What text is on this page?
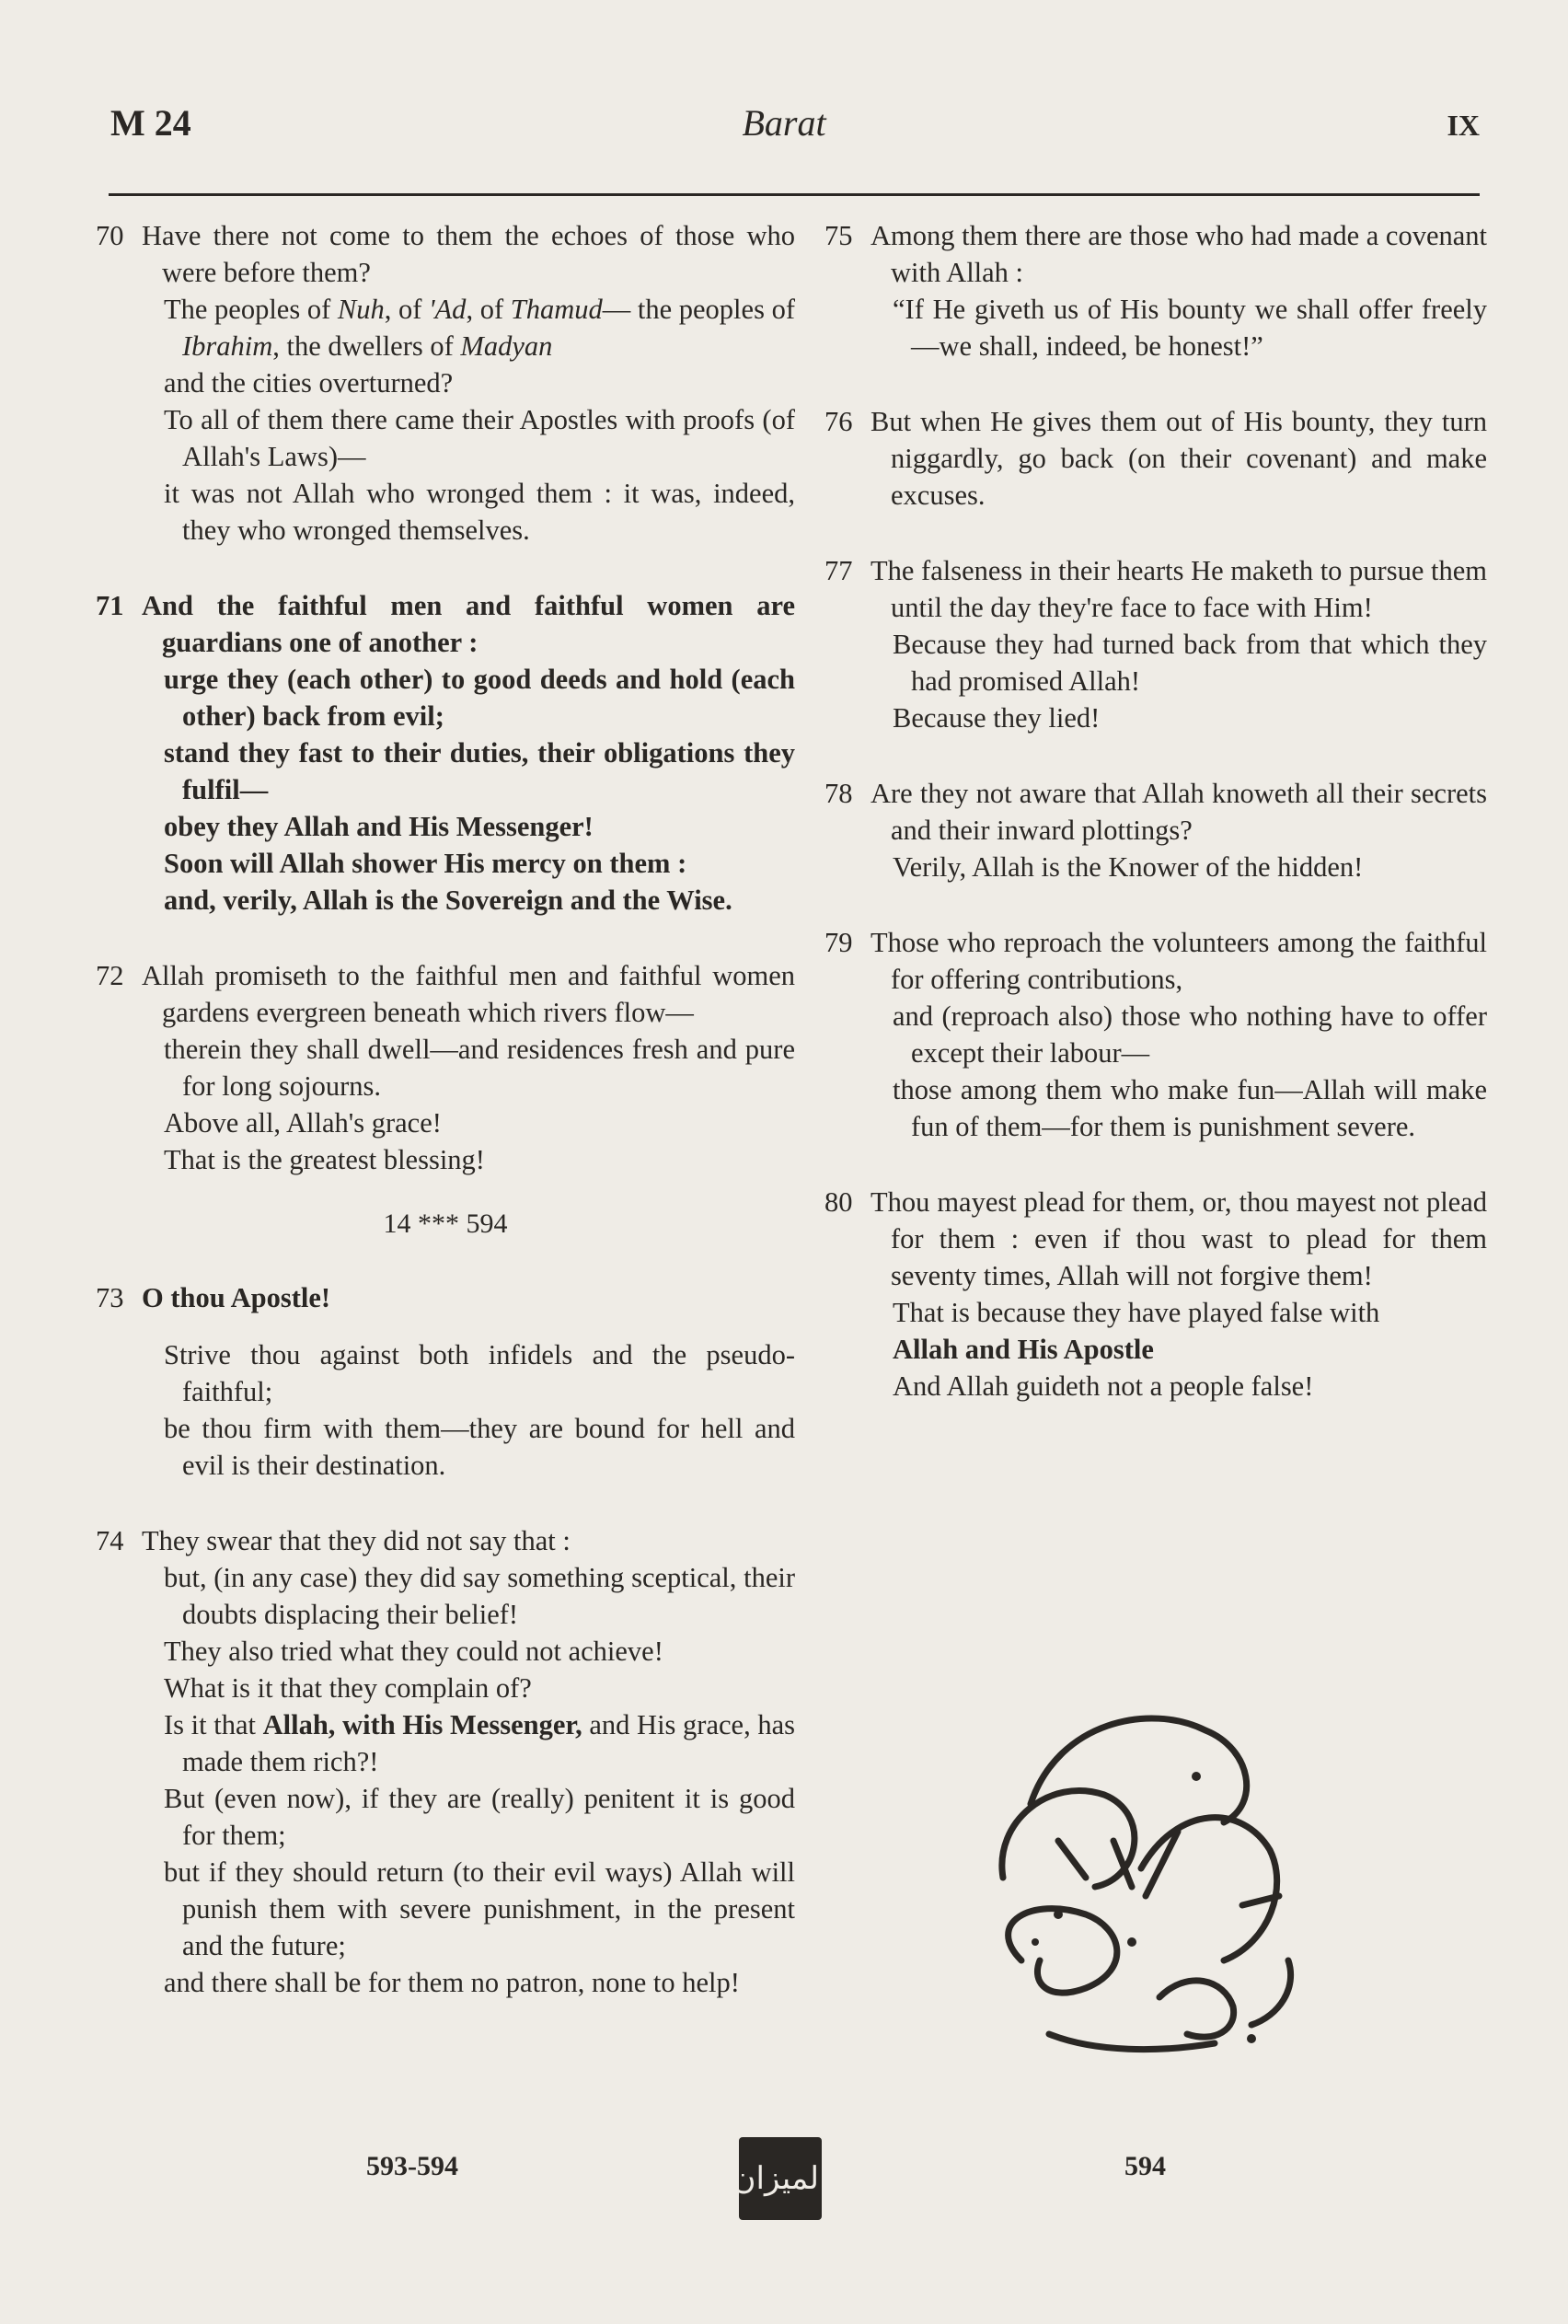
M 24	Barat	IX
70 Have there not come to them the echoes of those who were before them?
The peoples of Nuh, of 'Ad, of Thamud— the peoples of Ibrahim, the dwellers of Madyan
and the cities overturned?
To all of them there came their Apostles with proofs (of Allah's Laws)—
it was not Allah who wronged them : it was, indeed, they who wronged themselves.
71 And the faithful men and faithful women are guardians one of another :
urge they (each other) to good deeds and hold (each other) back from evil;
stand they fast to their duties, their obligations they fulfil—
obey they Allah and His Messenger!
Soon will Allah shower His mercy on them :
and, verily, Allah is the Sovereign and the Wise.
72 Allah promiseth to the faithful men and faithful women gardens evergreen beneath which rivers flow—
therein they shall dwell—and residences fresh and pure for long sojourns.
Above all, Allah's grace!
That is the greatest blessing!
14 *** 594
73 O thou Apostle!
Strive thou against both infidels and the pseudo-faithful;
be thou firm with them—they are bound for hell and evil is their destination.
74 They swear that they did not say that :
but, (in any case) they did say something sceptical, their doubts displacing their belief!
They also tried what they could not achieve!
What is it that they complain of?
Is it that Allah, with His Messenger, and His grace, has made them rich?!
But (even now), if they are (really) penitent it is good for them;
but if they should return (to their evil ways) Allah will punish them with severe punishment, in the present and the future;
and there shall be for them no patron, none to help!
75 Among them there are those who had made a covenant with Allah :
“If He giveth us of His bounty we shall offer freely—we shall, indeed, be honest!”
76 But when He gives them out of His bounty, they turn niggardly, go back (on their covenant) and make excuses.
77 The falseness in their hearts He maketh to pursue them until the day they're face to face with Him!
Because they had turned back from that which they had promised Allah!
Because they lied!
78 Are they not aware that Allah knoweth all their secrets and their inward plottings?
Verily, Allah is the Knower of the hidden!
79 Those who reproach the volunteers among the faithful for offering contributions,
and (reproach also) those who nothing have to offer except their labour—
those among them who make fun—Allah will make fun of them—for them is punishment severe.
80 Thou mayest plead for them, or, thou mayest not plead for them : even if thou wast to plead for them seventy times, Allah will not forgive them!
That is because they have played false with
Allah and His Apostle
And Allah guideth not a people false!
593-594	الميزان	594
